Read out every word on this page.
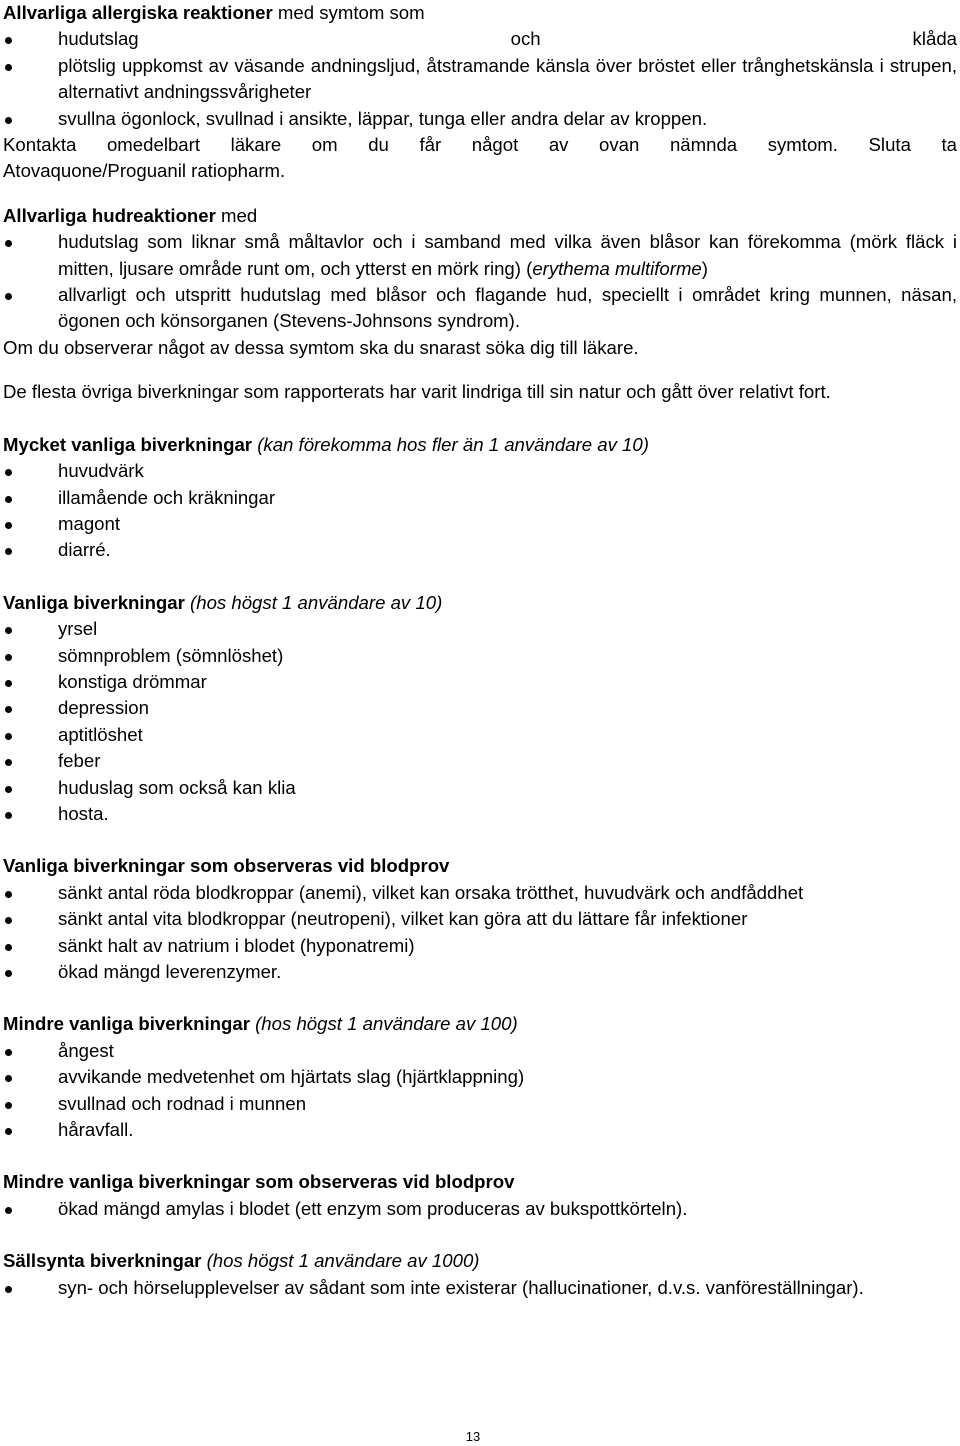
Allvarliga allergiska reaktioner med symtom som

hudutslag och klåda
plötslig uppkomst av väsande andningsljud, åtstramande känsla över bröstet eller trånghetskänsla i strupen, alternativt andningssvårigheter
svullna ögonlock, svullnad i ansikte, läppar, tunga eller andra delar av kroppen.

Kontakta omedelbart läkare om du får något av ovan nämnda symtom. Sluta ta

Atovaquone/Proguanil ratiopharm.

Allvarliga hudreaktioner med

hudutslag som liknar små måltavlor och i samband med vilka även blåsor kan förekomma (mörk fläck i mitten, ljusare område runt om, och ytterst en mörk ring) (erythema multiforme)
allvarligt och utspritt hudutslag med blåsor och flagande hud, speciellt i området kring munnen, näsan, ögonen och könsorganen (Stevens-Johnsons syndrom).

Om du observerar något av dessa symtom ska du snarast söka dig till läkare.

De flesta övriga biverkningar som rapporterats har varit lindriga till sin natur och gått över relativt fort.

Mycket vanliga biverkningar (kan förekomma hos fler än 1 användare av 10)

huvudvärk
illamående och kräkningar
magont
diarré.

Vanliga biverkningar (hos högst 1 användare av 10)

yrsel
sömnproblem (sömnlöshet)
konstiga drömmar
depression
aptitlöshet
feber
huduslag som också kan klia
hosta.

Vanliga biverkningar som observeras vid blodprov

sänkt antal röda blodkroppar (anemi), vilket kan orsaka trötthet, huvudvärk och andfåddhet
sänkt antal vita blodkroppar (neutropeni), vilket kan göra att du lättare får infektioner
sänkt halt av natrium i blodet (hyponatremi)
ökad mängd leverenzymer.

Mindre vanliga biverkningar (hos högst 1 användare av 100)

ångest
avvikande medvetenhet om hjärtats slag (hjärtklappning)
svullnad och rodnad i munnen
håravfall.

Mindre vanliga biverkningar som observeras vid blodprov

ökad mängd amylas i blodet (ett enzym som produceras av bukspottkörteln).

Sällsynta biverkningar (hos högst 1 användare av 1000)

syn- och hörselupplevelser av sådant som inte existerar (hallucinationer, d.v.s. vanföreställningar).
13
